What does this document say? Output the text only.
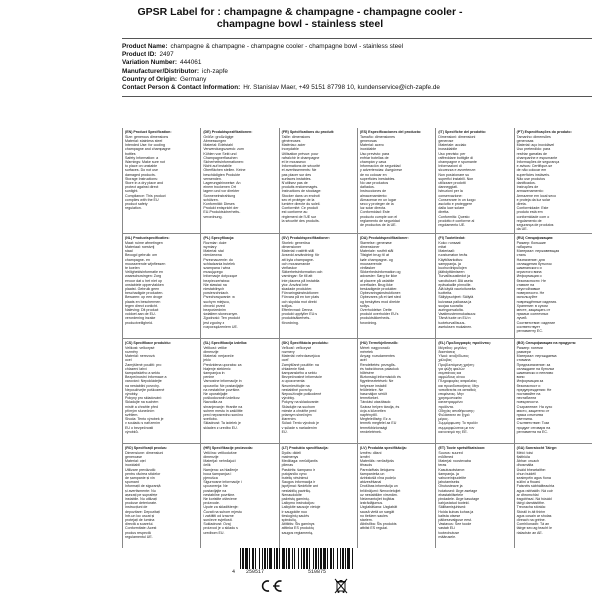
GPSR Label for : champagne & champagne - champagne cooler -
champagne bowl - stainless steel
Product Name: champagne & champagne - champagne cooler - champagne bowl - stainless steel
Product ID: 2497
Variation Number: 444061
Manufacturer/Distributor: ich-zapfe
Country of Origin: Germany
Contact Person & Contact Information: Hr. Stanislav Maer, +49 5151 87798 10, kundenservice@ich-zapfe.de
(EN) Product Specification:
Size: generous dimensions
Material: stainless steel
Intended Use: for cooling
champagne and champagne
bottles
Safety Information: a
Warnings: Make sure not
to place on unstable
surfaces. Do not use
damaged products.
Storage Instructions:
Store in a dry place and
protect against direct
sunlight.
Compliance: This product
complies with the EU
product safety
regulation.
(DE) Produktspezifikationen:
Größe: großzügige
Abmessungen
Material: Edelstahl
Verwendungszweck: zum
Kühlen von Sekt und
Champagnerflaschen
Sicherheitsinformationen:
Nicht auf instabile
Oberflächen stellen. Keine
beschädigten Produkte
verwenden.
Lagerungshinweise: An
einem trockenen Ort
lagern und vor direkter
Sonneneinstrahlung
schützen.
Konformität: Dieses
Produkt entspricht der
EU-Produktsicherheits-
verordnung.
(FR) Spécifications du produit:
Taille: dimensions
généreuses
Matériau: acier
inoxydable
Utilisation prévue: pour
rafraîchir le champagne
et le mousseux
Informations de sécurité
et avertissements: Ne
pas placer sur des
surfaces instables.
N'utilisez pas de
produits endommagés.
Instructions de stockage:
Stocker dans un endroit
sec et protéger de la
lumière directe du soleil.
Conformité: Ce produit
est conforme au
règlement de l'UE sur
la sécurité des produits.
(ES) Especificaciones del producto:
Tamaño: dimensiones
generosas
Material: acero
inoxidable
Uso previsto: para
enfriar botellas de
champán y cava
Información de seguridad
y advertencias: Asegúrese
de no colocar en
superficies inestables.
No use productos
dañados.
Instrucciones de
almacenamiento:
Almacenar en un lugar
seco y proteger de la
luz solar directa.
Conformidad: Este
producto cumple con el
reglamento de seguridad
de productos de la UE.
(IT) Specifiche del prodotto:
Dimensioni: dimensioni
generose
Materiale: acciaio
inossidabile
Uso previsto: per
raffreddare bottiglie di
champagne e spumante
Informazioni di
sicurezza e avvertenze:
Non posizionare su
superfici instabili. Non
utilizzare prodotti
danneggiati.
Istruzioni per la
conservazione:
Conservare in un luogo
asciutto e proteggere
dalla luce solare
diretta.
Conformità: Questo
prodotto è conforme al
regolamento UE.
(PT) Especificações do produto:
Tamanho: dimensões
generosas
Material: aço inoxidável
Uso pretendido: para
resfriar garrafas de
champanhe e espumante
Informações de segurança
e avisos: Certifique-se
de não colocar em
superfícies instáveis.
Não use produtos
danificados.
Instruções de
armazenamento:
Armazene em local seco
e proteja da luz solar
direta.
Conformidade: Este
produto está em
conformidade com o
regulamento de
segurança de produtos
da UE.
(NL) Productspecificaties:
Maat: ruime afmetingen
Materiaal: roestvrij
staal
Beoogd gebruik: om
champagne- en
mousserende wijnflessen
te koelen
Veiligheidsinformatie en
waarschuwingen: Zorg
ervoor dat u het niet op
onstabiele oppervlakken
plaatst. Gebruik geen
beschadigde producten.
Bewaren: op een droge
plaats en beschermen
tegen direct zonlicht.
Naleving: Dit product
voldoet aan de EU-
verordening inzake
productveiligheid.
(PL) Specyfikacja:
Rozmiar: duże
wymiary
Materiał: stal
nierdzewna
Przeznaczenie: do
schładzania butelek
szampana i wina
musującego
Informacje dotyczące
bezpieczeństwa:
Nie stawiać na
niestabilnych
powierzchniach.
Przechowywanie: w
suchym miejscu,
chronić przed
bezpośrednim
światłem słonecznym.
Zgodność: Ten produkt
jest zgodny z
rozporządzeniem UE.
(SV) Produktspecifikationer:
Storlek: generösa
dimensioner
Material: rostfritt stål
Avsedd användning: för
att kyla champagne-
och mousserande
vinflaskor
Säkerhetsinformation och
varningar: Se till att
inte placera på instabila
ytor. Använd inte
skadade produkter.
Förvaringsinstruktioner:
Förvara på en torr plats
och skydda mot direkt
solljus.
Efterlevnad: Denna
produkt uppfyller EU:s
produktsäkerhets-
förordning.
(DA) Produktspecifikationer:
Størrelse: generøse
dimensioner
Materiale: rustfrit stål
Tilsigtet brug: til at
køle champagne- og
mousserende
vinflasker
Sikkerhedsinformation og
advarsler: Sørg for ikke
at placere på ustabile
overflader. Brug ikke
beskadigede produkter.
Opbevaringsinstruktioner:
Opbevares på et tørt sted
og beskyttes mod direkte
sollys.
Overholdelse: Dette
produkt overholder EU's
produktsikkerheds-
forordning.
(FI) Tuotetiedot:
Koko: runsaat
mitat
Materiaali:
ruostumaton teräs
Käyttötarkoitus:
samppanja- ja
kuohuviinipullojen
jäähdyttämiseen
Turvallisuustiedot ja
varoitukset: Älä aseta
epävakaille pinnoille.
Älä käytä vaurioituneita
tuotteita.
Säilytysohjeet: Säilytä
kuivassa paikassa ja
suojaa suoralta
auringonvalolta.
Vaatimustenmukaisuus:
Tämä tuote on EU:n
tuoteturvallisuus-
asetuksen mukainen.
(RU) Спецификация:
Размер: большие
габариты
Материал: нержавеющая
сталь
Назначение: для
охлаждения бутылок
шампанского и
игристого вина
Информация о
безопасности: Не
ставьте на
неустойчивые
поверхности. Не
используйте
повреждённые изделия.
Хранение: в сухом
месте, защищать от
прямых солнечных
лучей.
Соответствие: изделие
соответствует
регламенту ЕС.
(CS) Specifikace produktu:
Velikost: velkorysé
rozměry
Materiál: nerezová
ocel
Zamýšlené použití: pro
chlazení lahví
šampaňského a sektu
Bezpečnostní informace a
varování: Nepokládejte
na nestabilní povrchy.
Nepoužívejte poškozené
výrobky.
Pokyny pro skladování:
Skladujte na suchém
místě a chraňte před
přímým slunečním
světlem.
Shoda: Tento výrobek je
v souladu s nařízením
EU o bezpečnosti
výrobků.
(SL) Specifikacija izdelka:
Velikost: velike
dimenzije
Material: nerjaveče
jeklo
Predvidena uporaba: za
hlajenje steklenic
šampanjca in
penine
Varnostne informacije in
opozorila: Ne postavljajte
na nestabilne površine.
Ne uporabljajte
poškodovanih izdelkov.
Navodila za
shranjevanje: Hranite na
suhem mestu in zaščitite
pred neposredno sončno
svetlobo.
Skladnost: Ta izdelek je
skladen z uredbo EU.
(SK) Špecifikácia produktu:
Veľkosť: veľkorysé
rozmery
Materiál: nehrdzavejúca
oceľ
Zamýšľané použitie: na
chladenie fliaš
šampanského a sektu
Bezpečnostné informácie
a upozornenia:
Neumiestňujte na
nestabilné povrchy.
Nepoužívajte poškodené
výrobky.
Pokyny na skladovanie:
Skladujte na suchom
mieste a chráňte pred
priamym slnečným
žiarením.
Súlad: Tento výrobok je
v súlade s nariadením
EÚ.
(HU) Termékjellemzők:
Méret: nagyvonalú
méretek
Anyag: rozsdamentes
acél
Rendeltetés: pezsgős-
és habzóboros palackok
hűtésére
Biztonsági információk és
figyelmeztetések: Ne
helyezze instabil
felületekre. Ne
használjon sérült
termékeket.
Tárolási utasítások:
Száraz helyen tárolja, és
óvja a közvetlen
napfénytől.
Megfelelőség: Ez a
termék megfelel az EU
termékbiztonsági
rendeletének.
(EL) Προδιαγραφές προϊόντος:
Μέγεθος: μεγάλες
διαστάσεις
Υλικό: ανοξείδωτος
χάλυβας
Προβλεπόμενη χρήση:
για ψύξη φιαλών
σαμπάνιας και
αφρώδους οίνου
Πληροφορίες ασφαλείας
και προειδοποιήσεις: Μην
τοποθετείτε σε ασταθείς
επιφάνειες. Μην
χρησιμοποιείτε
κατεστραμμένα
προϊόντα.
Οδηγίες αποθήκευσης:
Φυλάσσετε σε ξηρό
μέρος.
Συμμόρφωση: Το προϊόν
συμμορφώνεται με τον
κανονισμό της ΕΕ.
(BG) Спецификация на продукта:
Размер: големи
размери
Материал: неръждаема
стомана
Предназначение: за
охлаждане на бутилки
шампанско и пенливо
вино
Информация за
безопасност и
предупреждения: Не
поставяйте на
нестабилни
повърхности.
Съхранение: На сухо
място, защитено от
пряка слънчева
светлина.
Съответствие: Този
продукт отговаря на
регламента на ЕС.
(RO) Specificații produs:
Dimensiune: dimensiuni
generoase
Material: oțel
inoxidabil
Utilizare prevăzută:
pentru răcirea sticlelor
de șampanie și vin
spumant
Informații de siguranță
și avertismente: Nu
așezați pe suprafețe
instabile. Nu utilizați
produse deteriorate.
Instrucțiuni de
depozitare: Depozitați
într-un loc uscat și
protejați de lumina
directă a soarelui.
Conformitate: Acest
produs respectă
regulamentul UE.
(HR) Specifikacije proizvoda:
Veličina: velikodušne
dimenzije
Materijal: nehrđajući
čelik
Namjena: za hlađenje
boca šampanjca i
pjenušca
Sigurnosne informacije i
upozorenja: Ne
postavljajte na
nestabilne površine.
Ne koristite oštećene
proizvode.
Upute za skladištenje:
Čuvati na suhom mjestu
i zaštititi od izravne
sunčeve svjetlosti.
Sukladnost: Ovaj
proizvod je u skladu s
uredbom EU.
(LT) Produkto specifikacija:
Dydis: dideli
matmenys
Medžiaga: nerūdijantis
plienas
Paskirtis: šampano ir
putojančio vyno
butelių vėsinimui
Saugos informacija ir
įspėjimai: Nedėkite ant
nestabilių paviršių.
Nenaudokite
pažeistų gaminių.
Laikymo instrukcijos:
Laikykite sausoje vietoje
ir saugokite nuo
tiesioginių saulės
spindulių.
Atitiktis: Šis gaminys
atitinka ES produktų
saugos reglamentą.
(LV) Produkta specifikācija:
Izmērs: dāsni
izmēri
Materiāls: nerūsējošs
tērauds
Paredzētais lietojums:
šampanieša un
dzirkstošā vīna pudeļu
atdzesēšanai
Drošības informācija un
brīdinājumi: Nenovietojiet
uz nestabilām virsmām.
Neizmantojiet bojātus
izstrādājumus.
Uzglabāšana: Uzglabāt
sausā vietā un sargāt
no tiešiem saules
stariem.
Atbilstība: Šis produkts
atbilst ES regulai.
(ET) Toote spetsifikatsioon:
Suurus: suured
mõõtmed
Materjal: roostevaba
teras
Kasutusotstarve:
šampanja- ja
vahuveinipudelite
jahutamiseks
Ohutusteave ja
hoiatused: Ärge asetage
ebastabiilsetele
pindadele. Ärge kasutage
kahjustatud tooteid.
Säilitamisjuhised:
Hoida kuivas kohas ja
kaitsta otsese
päikesevalguse eest.
Vastavus: See toode
vastab ELi
tooteohutuse
määrusele.
(GA) Sonraíocht Táirge:
Méid: toisí
flaithiúla
Ábhar: cruach
dhosmálta
Úsáid bheartaithe:
chun buidéil
seaimpéin agus fíona
súilíní a fhuarú
Faisnéis sábháilteachta
agus rabhaidh: Ná cuir
ar dhromchlaí
éagobhsaí. Ná húsáid
táirgí damáistithe.
Treoracha stórála:
Stóráil in áit thirim
agus cosain ar sholas
díreach na gréine.
Comhlíonadh: Tá an
táirge seo ag teacht le
rialachán an AE.
4 250517	510875
